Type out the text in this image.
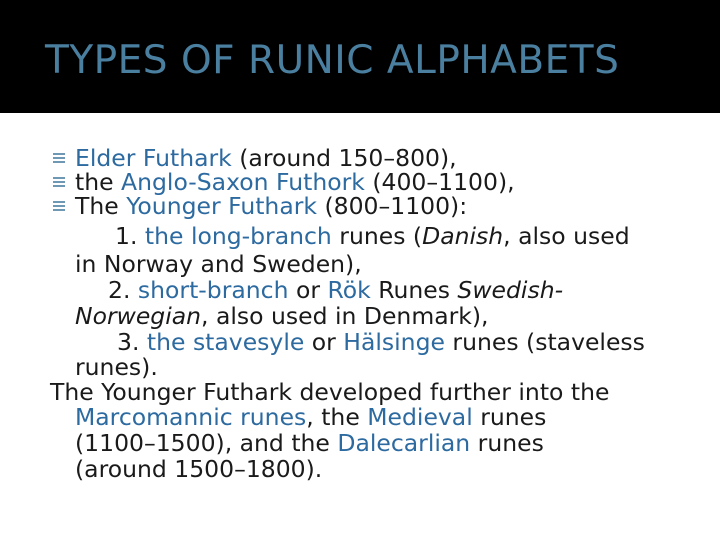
TYPES OF RUNIC ALPHABETS
Elder Futhark (around 150–800),
the Anglo-Saxon Futhork (400–1100),
The Younger Futhark (800–1100):
1. the long-branch runes (Danish, also used
in Norway and Sweden),
2. short-branch or Rök Runes Swedish-
Norwegian, also used in Denmark),
3. the stavesyle or Hälsinge runes (staveless
runes).
The Younger Futhark developed further into the
Marcomannic runes, the Medieval runes
(1100–1500), and the Dalecarlian runes
(around 1500–1800).
